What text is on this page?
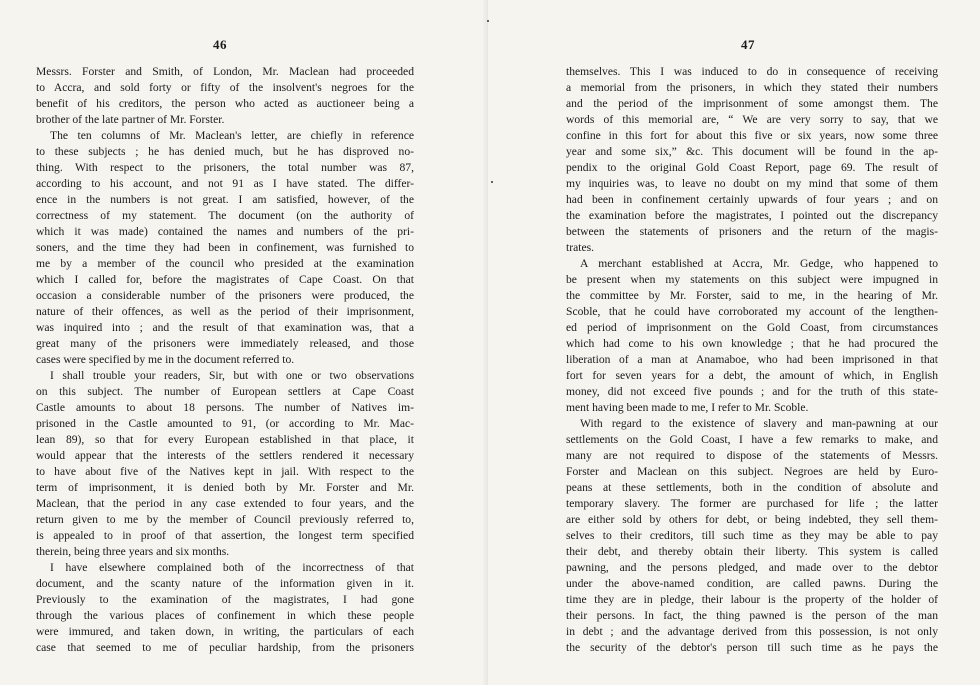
46
Messrs. Forster and Smith, of London, Mr. Maclean had proceeded
to Accra, and sold forty or fifty of the insolvent's negroes for the
benefit of his creditors, the person who acted as auctioneer being a
brother of the late partner of Mr. Forster.
The ten columns of Mr. Maclean's letter, are chiefly in reference
to these subjects ; he has denied much, but he has disproved no-
thing. With respect to the prisoners, the total number was 87,
according to his account, and not 91 as I have stated. The differ-
ence in the numbers is not great. I am satisfied, however, of the
correctness of my statement. The document (on the authority of
which it was made) contained the names and numbers of the pri-
soners, and the time they had been in confinement, was furnished to
me by a member of the council who presided at the examination
which I called for, before the magistrates of Cape Coast. On that
occasion a considerable number of the prisoners were produced, the
nature of their offences, as well as the period of their imprisonment,
was inquired into ; and the result of that examination was, that a
great many of the prisoners were immediately released, and those
cases were specified by me in the document referred to.
I shall trouble your readers, Sir, but with one or two observations
on this subject. The number of European settlers at Cape Coast
Castle amounts to about 18 persons. The number of Natives im-
prisoned in the Castle amounted to 91, (or according to Mr. Mac-
lean 89), so that for every European established in that place, it
would appear that the interests of the settlers rendered it necessary
to have about five of the Natives kept in jail. With respect to the
term of imprisonment, it is denied both by Mr. Forster and Mr.
Maclean, that the period in any case extended to four years, and the
return given to me by the member of Council previously referred to,
is appealed to in proof of that assertion, the longest term specified
therein, being three years and six months.
I have elsewhere complained both of the incorrectness of that
document, and the scanty nature of the information given in it.
Previously to the examination of the magistrates, I had gone
through the various places of confinement in which these people
were immured, and taken down, in writing, the particulars of each
case that seemed to me of peculiar hardship, from the prisoners
47
themselves. This I was induced to do in consequence of receiving
a memorial from the prisoners, in which they stated their numbers
and the period of the imprisonment of some amongst them. The
words of this memorial are, “ We are very sorry to say, that we
confine in this fort for about this five or six years, now some three
year and some six,” &c. This document will be found in the ap-
pendix to the original Gold Coast Report, page 69. The result of
my inquiries was, to leave no doubt on my mind that some of them
had been in confinement certainly upwards of four years ; and on
the examination before the magistrates, I pointed out the discrepancy
between the statements of prisoners and the return of the magis-
trates.
A merchant established at Accra, Mr. Gedge, who happened to
be present when my statements on this subject were impugned in
the committee by Mr. Forster, said to me, in the hearing of Mr.
Scoble, that he could have corroborated my account of the lengthen-
ed period of imprisonment on the Gold Coast, from circumstances
which had come to his own knowledge ; that he had procured the
liberation of a man at Anamaboe, who had been imprisoned in that
fort for seven years for a debt, the amount of which, in English
money, did not exceed five pounds ; and for the truth of this state-
ment having been made to me, I refer to Mr. Scoble.
With regard to the existence of slavery and man-pawning at our
settlements on the Gold Coast, I have a few remarks to make, and
many are not required to dispose of the statements of Messrs.
Forster and Maclean on this subject. Negroes are held by Euro-
peans at these settlements, both in the condition of absolute and
temporary slavery. The former are purchased for life ; the latter
are either sold by others for debt, or being indebted, they sell them-
selves to their creditors, till such time as they may be able to pay
their debt, and thereby obtain their liberty. This system is called
pawning, and the persons pledged, and made over to the debtor
under the above-named condition, are called pawns. During the
time they are in pledge, their labour is the property of the holder of
their persons. In fact, the thing pawned is the person of the man
in debt ; and the advantage derived from this possession, is not only
the security of the debtor's person till such time as he pays the
